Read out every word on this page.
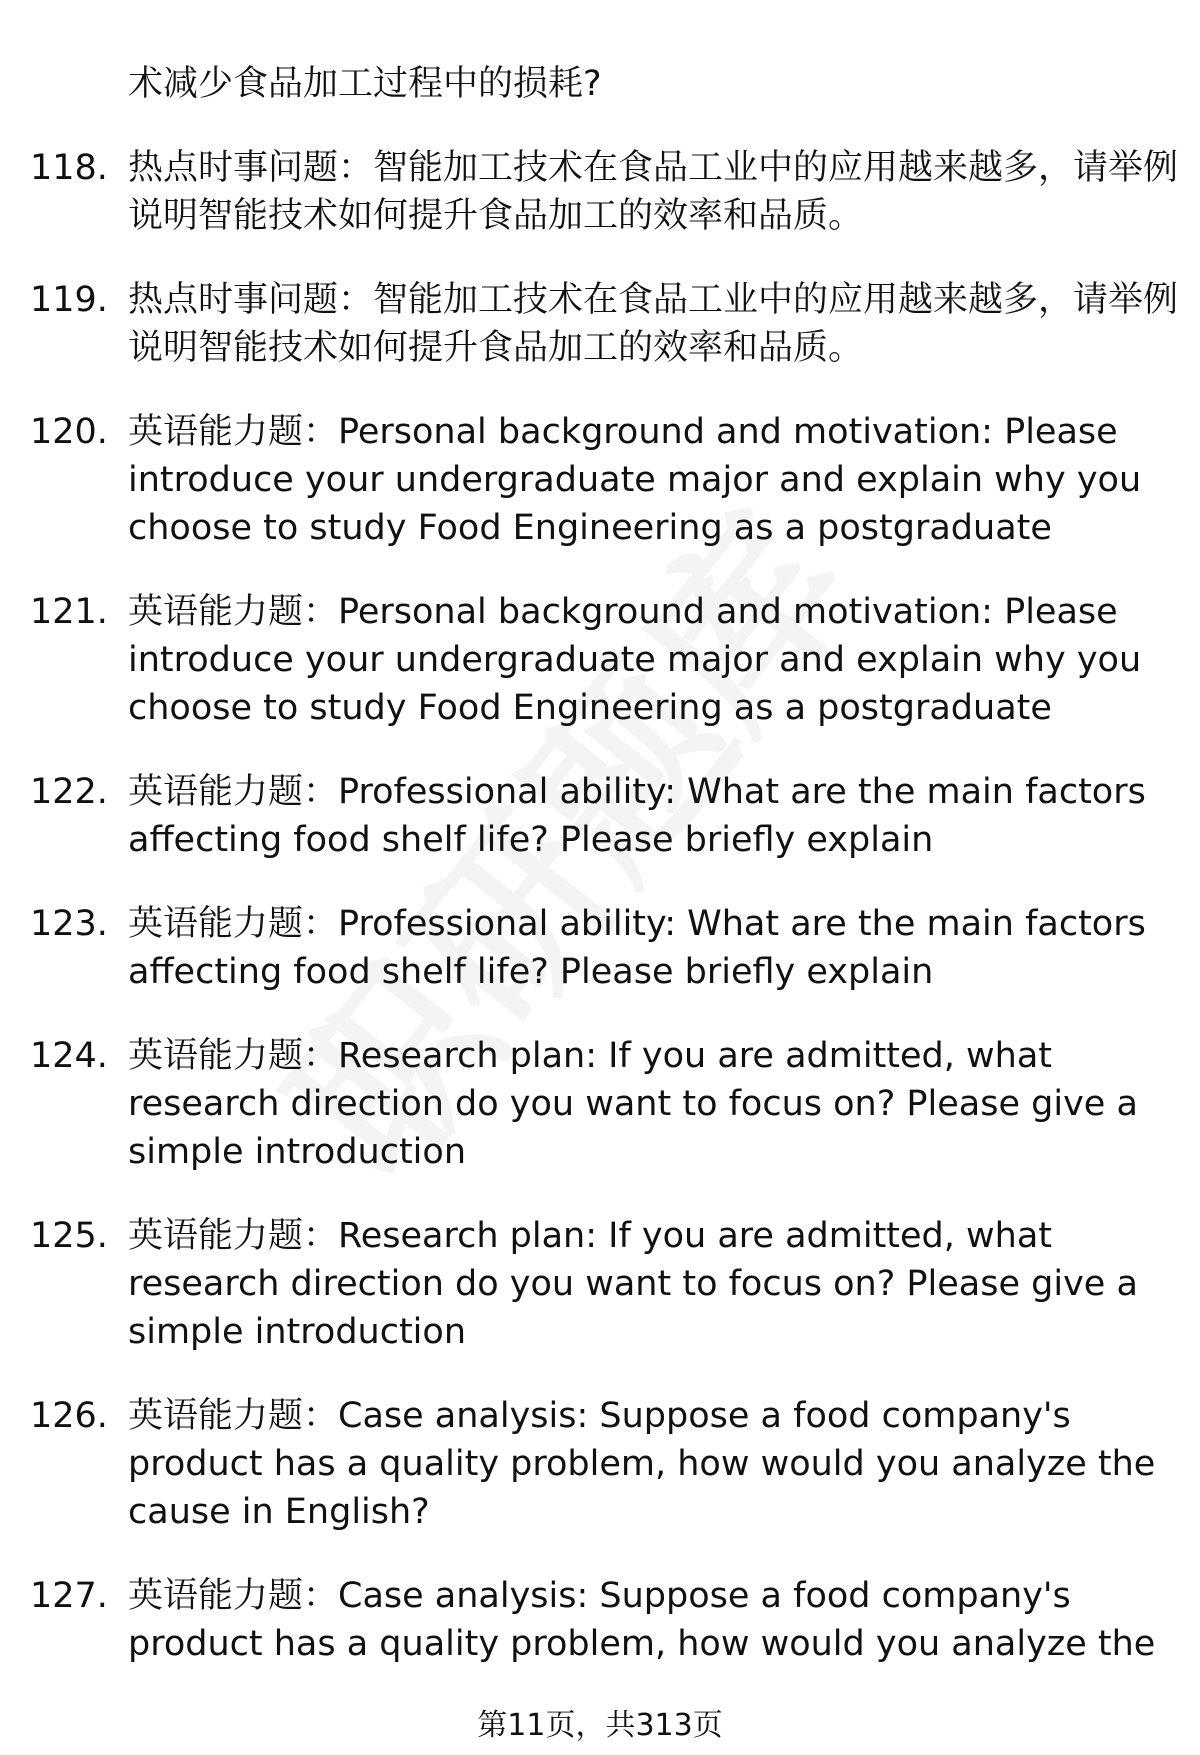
术减少食品加工过程中的损耗?
118. 热点时事问题：智能加工技术在食品工业中的应用越来越多，请举例说明智能技术如何提升食品加工的效率和品质。
119. 热点时事问题：智能加工技术在食品工业中的应用越来越多，请举例说明智能技术如何提升食品加工的效率和品质。
120. 英语能力题：Personal background and motivation: Please introduce your undergraduate major and explain why you choose to study Food Engineering as a postgraduate
121. 英语能力题：Personal background and motivation: Please introduce your undergraduate major and explain why you choose to study Food Engineering as a postgraduate
122. 英语能力题：Professional ability: What are the main factors affecting food shelf life? Please briefly explain
123. 英语能力题：Professional ability: What are the main factors affecting food shelf life? Please briefly explain
124. 英语能力题：Research plan: If you are admitted, what research direction do you want to focus on? Please give a simple introduction
125. 英语能力题：Research plan: If you are admitted, what research direction do you want to focus on? Please give a simple introduction
126. 英语能力题：Case analysis: Suppose a food company's product has a quality problem, how would you analyze the cause in English?
127. 英语能力题：Case analysis: Suppose a food company's product has a quality problem, how would you analyze the
第11页，共313页
